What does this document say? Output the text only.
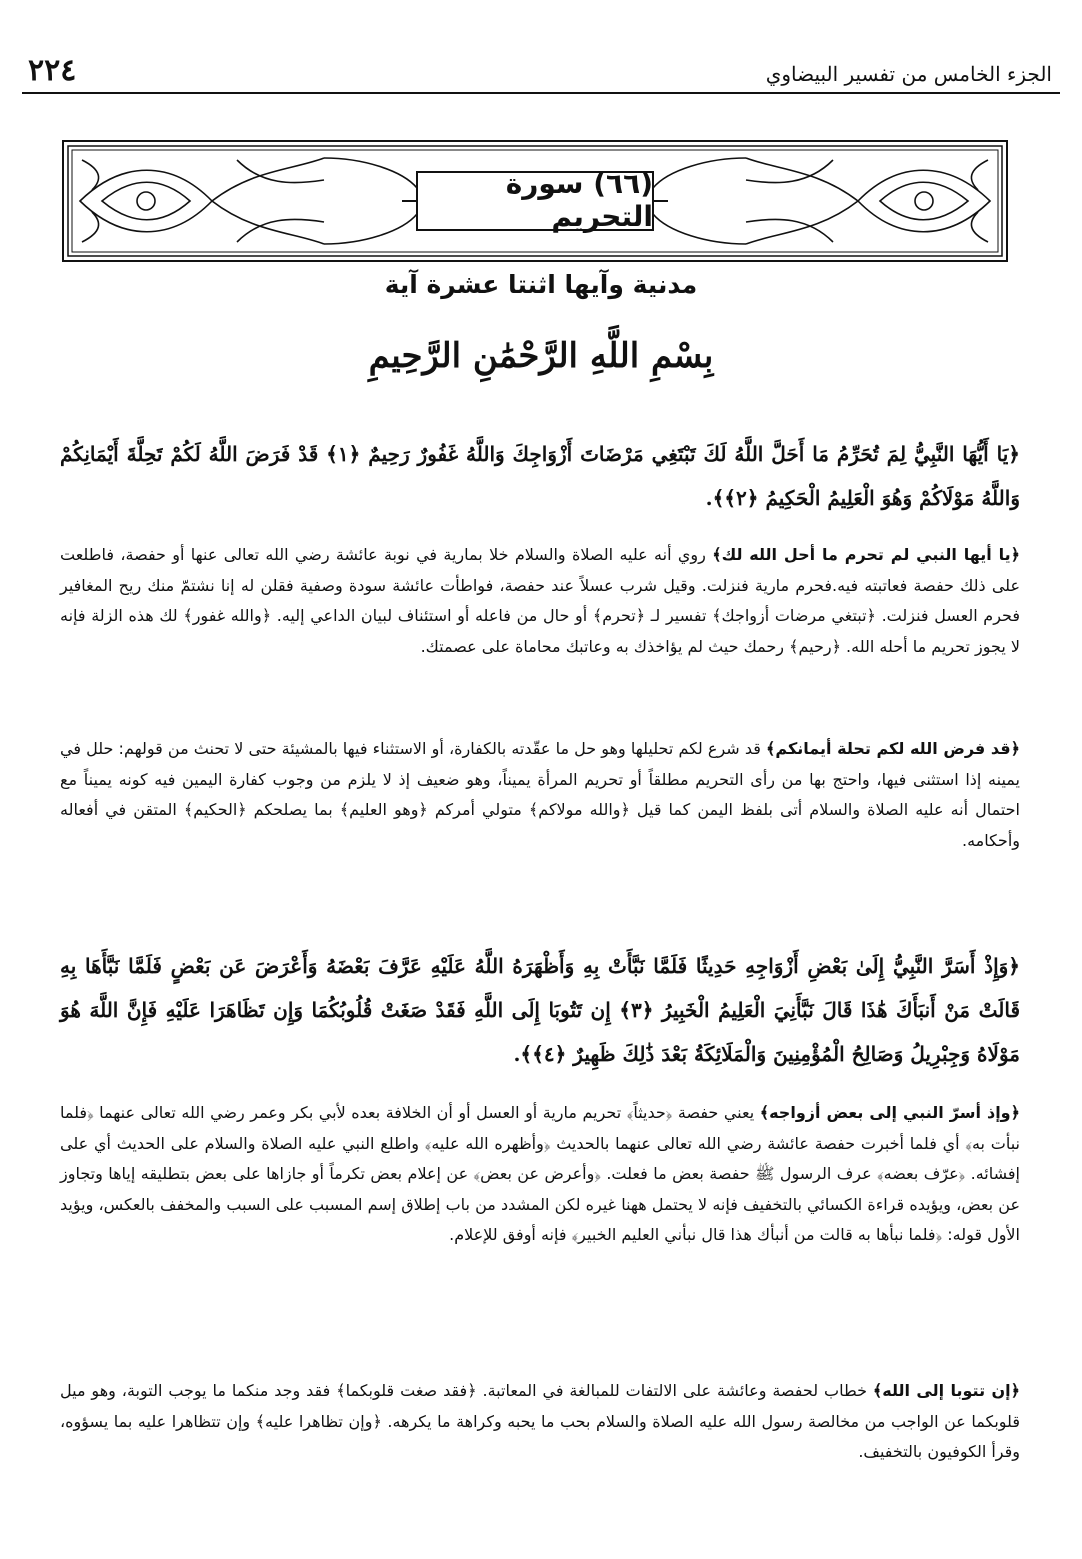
٢٢٤	الجزء الخامس من تفسير البيضاوي
(٦٦) سورة التحريم
مدنية وآيها اثنتا عشرة آية
بِسْمِ اللَّهِ الرَّحْمَٰنِ الرَّحِيمِ

﴿يَا أَيُّهَا النَّبِيُّ لِمَ تُحَرِّمُ مَا أَحَلَّ اللَّهُ لَكَ تَبْتَغِي مَرْضَاتَ أَزْوَاجِكَ وَاللَّهُ غَفُورٌ رَحِيمٌ ﴿١﴾ قَدْ فَرَضَ اللَّهُ لَكُمْ تَحِلَّةَ أَيْمَانِكُمْ وَاللَّهُ مَوْلَاكُمْ وَهُوَ الْعَلِيمُ الْحَكِيمُ ﴿٢﴾﴾.

﴿يا أيها النبي لم تحرم ما أحل الله لك﴾ روي أنه عليه الصلاة والسلام خلا بمارية في نوبة عائشة رضي الله تعالى عنها أو حفصة، فاطلعت على ذلك حفصة فعاتبته فيه.فحرم مارية فنزلت. وقيل شرب عسلاً عند حفصة، فواطأت عائشة سودة وصفية فقلن له إنا نشتمّ منك ريح المغافير فحرم العسل فنزلت. ﴿تبتغي مرضات أزواجك﴾ تفسير لـ ﴿تحرم﴾ أو حال من فاعله أو استئناف لبيان الداعي إليه. ﴿والله غفور﴾ لك هذه الزلة فإنه لا يجوز تحريم ما أحله الله. ﴿رحيم﴾ رحمك حيث لم يؤاخذك به وعاتبك محاماة على عصمتك.

﴿قد فرض الله لكم تحلة أيمانكم﴾ قد شرع لكم تحليلها وهو حل ما عقّدته بالكفارة، أو الاستثناء فيها بالمشيئة حتى لا تحنث من قولهم: حلل في يمينه إذا استثنى فيها، واحتج بها من رأى التحريم مطلقاً أو تحريم المرأة يميناً، وهو ضعيف إذ لا يلزم من وجوب كفارة اليمين فيه كونه يميناً مع احتمال أنه عليه الصلاة والسلام أتى بلفظ اليمن كما قيل ﴿والله مولاكم﴾ متولي أمركم ﴿وهو العليم﴾ بما يصلحكم ﴿الحكيم﴾ المتقن في أفعاله وأحكامه.

﴿وَإِذْ أَسَرَّ النَّبِيُّ إِلَىٰ بَعْضِ أَزْوَاجِهِ حَدِيثًا فَلَمَّا نَبَّأَتْ بِهِ وَأَظْهَرَهُ اللَّهُ عَلَيْهِ عَرَّفَ بَعْضَهُ وَأَعْرَضَ عَن بَعْضٍ فَلَمَّا نَبَّأَهَا بِهِ قَالَتْ مَنْ أَنبَأَكَ هَٰذَا قَالَ نَبَّأَنِيَ الْعَلِيمُ الْخَبِيرُ ﴿٣﴾ إِن تَتُوبَا إِلَى اللَّهِ فَقَدْ صَغَتْ قُلُوبُكُمَا وَإِن تَظَاهَرَا عَلَيْهِ فَإِنَّ اللَّهَ هُوَ مَوْلَاهُ وَجِبْرِيلُ وَصَالِحُ الْمُؤْمِنِينَ وَالْمَلَائِكَةُ بَعْدَ ذَٰلِكَ ظَهِيرٌ ﴿٤﴾﴾.

﴿وإذ أسرّ النبي إلى بعض أزواجه﴾ يعني حفصة ﴿حديثاً﴾ تحريم مارية أو العسل أو أن الخلافة بعده لأبي بكر وعمر رضي الله تعالى عنهما ﴿فلما نبأت به﴾ أي فلما أخبرت حفصة عائشة رضي الله تعالى عنهما بالحديث ﴿وأظهره الله عليه﴾ واطلع النبي عليه الصلاة والسلام على الحديث أي على إفشائه. ﴿عرّف بعضه﴾ عرف الرسول ﷺ حفصة بعض ما فعلت. ﴿وأعرض عن بعض﴾ عن إعلام بعض تكرماً أو جازاها على بعض بتطليقه إياها وتجاوز عن بعض، ويؤيده قراءة الكسائي بالتخفيف فإنه لا يحتمل ههنا غيره لكن المشدد من باب إطلاق إسم المسبب على السبب والمخفف بالعكس، ويؤيد الأول قوله: ﴿فلما نبأها به قالت من أنبأك هذا قال نبأني العليم الخبير﴾ فإنه أوفق للإعلام.

﴿إن تتوبا إلى الله﴾ خطاب لحفصة وعائشة على الالتفات للمبالغة في المعاتبة. ﴿فقد صغت قلوبكما﴾ فقد وجد منكما ما يوجب التوبة، وهو ميل قلوبكما عن الواجب من مخالصة رسول الله عليه الصلاة والسلام بحب ما يحبه وكراهة ما يكرهه. ﴿وإن تظاهرا عليه﴾ وإن تتظاهرا عليه بما يسؤوه، وقرأ الكوفيون بالتخفيف.
